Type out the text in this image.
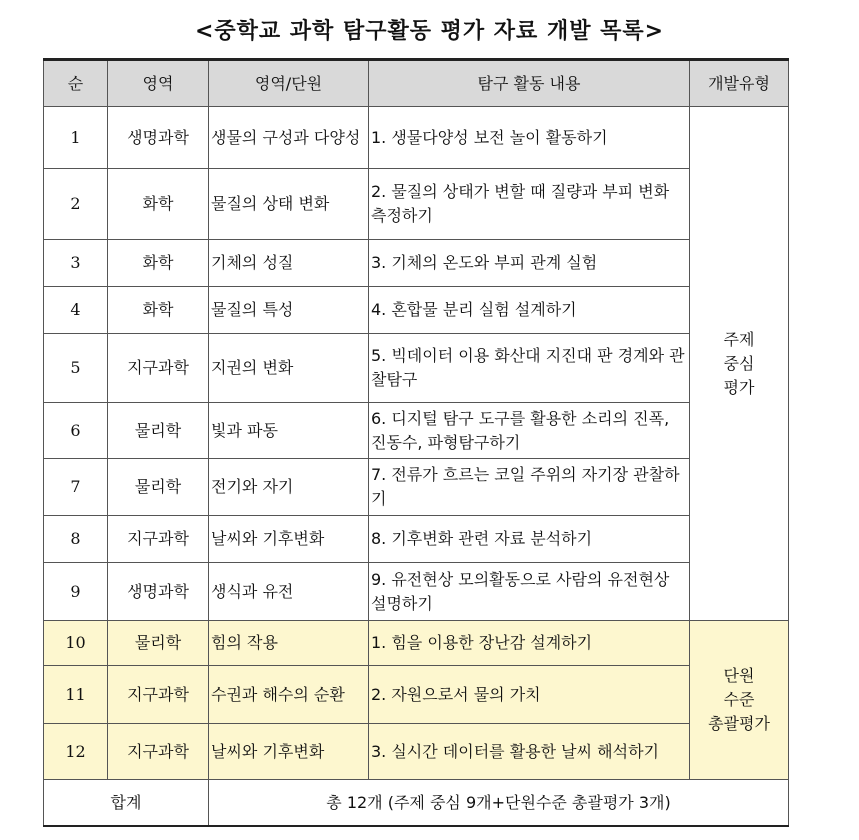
<중학교 과학 탐구활동 평가 자료 개발 목록>
순	영역	영역/단원	탐구 활동 내용	개발유형
1	생명과학	생물의 구성과 다양성	1. 생물다양성 보전 놀이 활동하기	주제
중심
평가

2	화학	물질의 상태 변화	2. 물질의 상태가 변할 때 질량과 부피 변화 측정하기	
3	화학	기체의 성질	3. 기체의 온도와 부피 관계 실험	
4	화학	물질의 특성	4. 혼합물 분리 실험 설계하기	
5	지구과학	지권의 변화	5. 빅데이터 이용 화산대 지진대 판 경계와 관찰탐구	
6	물리학	빛과 파동	6. 디지털 탐구 도구를 활용한 소리의 진폭, 진동수, 파형탐구하기	
7	물리학	전기와 자기	7. 전류가 흐르는 코일 주위의 자기장 관찰하기	
8	지구과학	날씨와 기후변화	8. 기후변화 관련 자료 분석하기	
9	생명과학	생식과 유전	9. 유전현상 모의활동으로 사람의 유전현상 설명하기	
10	물리학	힘의 작용	1. 힘을 이용한 장난감 설계하기	단원
수준
총괄평가

11	지구과학	수권과 해수의 순환	2. 자원으로서 물의 가치	
12	지구과학	날씨와 기후변화	3. 실시간 데이터를 활용한 날씨 해석하기	
합계		총 12개 (주제 중심 9개+단원수준 총괄평가 3개)		
